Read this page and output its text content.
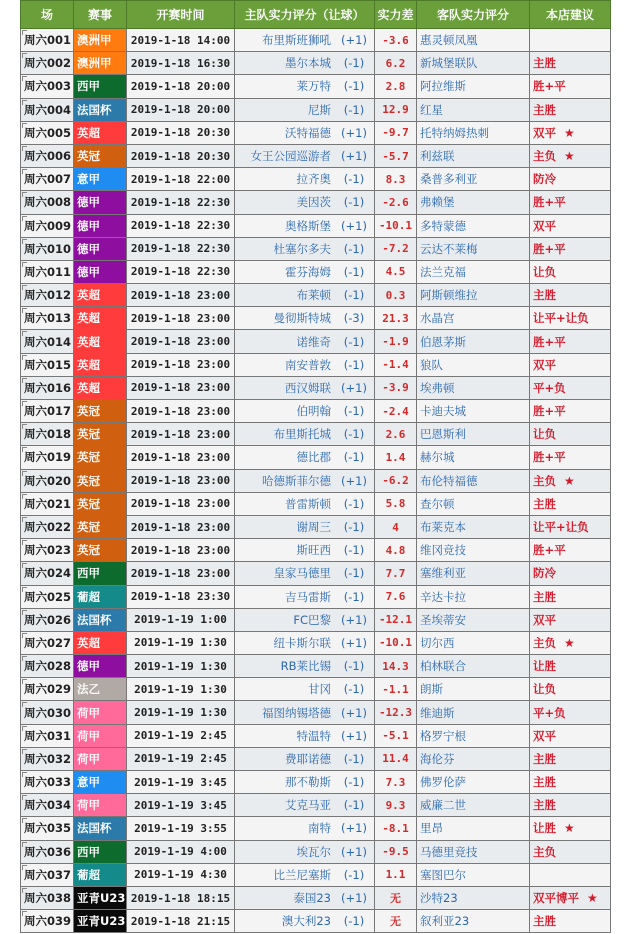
场	赛事	开赛时间	主队实力评分（让球）	实力差	客队实力评分	本店建议
周六001	澳洲甲	2019-1-18 14:00	布里斯班狮吼 (+1)	-3.6	惠灵顿凤凰	
周六002	澳洲甲	2019-1-18 16:30	墨尔本城 (-1)	6.2	新城堡联队	主胜
周六003	西甲	2019-1-18 20:00	莱万特 (-1)	2.8	阿拉维斯	胜+平
周六004	法国杯	2019-1-18 20:00	尼斯 (-1)	12.9	红星	主胜
周六005	英超	2019-1-18 20:30	沃特福德 (+1)	-9.7	托特纳姆热刺	双平 ★
周六006	英冠	2019-1-18 20:30	女王公园巡游者 (+1)	-5.7	利兹联	主负 ★
周六007	意甲	2019-1-18 22:00	拉齐奥 (-1)	8.3	桑普多利亚	防冷
周六008	德甲	2019-1-18 22:30	美因茨 (-1)	-2.6	弗赖堡	胜+平
周六009	德甲	2019-1-18 22:30	奥格斯堡 (+1)	-10.1	多特蒙德	双平
周六010	德甲	2019-1-18 22:30	杜塞尔多夫 (-1)	-7.2	云达不莱梅	胜+平
周六011	德甲	2019-1-18 22:30	霍芬海姆 (-1)	4.5	法兰克福	让负
周六012	英超	2019-1-18 23:00	布莱顿 (-1)	0.3	阿斯顿维拉	主胜
周六013	英超	2019-1-18 23:00	曼彻斯特城 (-3)	21.3	水晶宫	让平+让负
周六014	英超	2019-1-18 23:00	诺维奇 (-1)	-1.9	伯恩茅斯	胜+平
周六015	英超	2019-1-18 23:00	南安普敦 (-1)	-1.4	狼队	双平
周六016	英超	2019-1-18 23:00	西汉姆联 (+1)	-3.9	埃弗顿	平+负
周六017	英冠	2019-1-18 23:00	伯明翰 (-1)	-2.4	卡迪夫城	胜+平
周六018	英冠	2019-1-18 23:00	布里斯托城 (-1)	2.6	巴恩斯利	让负
周六019	英冠	2019-1-18 23:00	德比郡 (-1)	1.4	赫尔城	胜+平
周六020	英冠	2019-1-18 23:00	哈德斯菲尔德 (+1)	-6.2	布伦特福德	主负 ★
周六021	英冠	2019-1-18 23:00	普雷斯顿 (-1)	5.8	查尔顿	主胜
周六022	英冠	2019-1-18 23:00	谢周三 (-1)	4	布莱克本	让平+让负
周六023	英冠	2019-1-18 23:00	斯旺西 (-1)	4.8	维冈竞技	胜+平
周六024	西甲	2019-1-18 23:00	皇家马德里 (-1)	7.7	塞维利亚	防冷
周六025	葡超	2019-1-18 23:30	吉马雷斯 (-1)	7.6	辛达卡拉	主胜
周六026	法国杯	2019-1-19 1:00	FC巴黎 (+1)	-12.1	圣埃蒂安	双平
周六027	英超	2019-1-19 1:30	纽卡斯尔联 (+1)	-10.1	切尔西	主负 ★
周六028	德甲	2019-1-19 1:30	RB莱比锡 (-1)	14.3	柏林联合	让胜
周六029	法乙	2019-1-19 1:30	甘冈 (-1)	-1.1	朗斯	让负
周六030	荷甲	2019-1-19 1:30	福图纳锡塔德 (+1)	-12.3	维迪斯	平+负
周六031	荷甲	2019-1-19 2:45	特温特 (+1)	-5.1	格罗宁根	双平
周六032	荷甲	2019-1-19 2:45	费耶诺德 (-1)	11.4	海伦芬	主胜
周六033	意甲	2019-1-19 3:45	那不勒斯 (-1)	7.3	佛罗伦萨	主胜
周六034	荷甲	2019-1-19 3:45	艾克马亚 (-1)	9.3	威廉二世	主胜
周六035	法国杯	2019-1-19 3:55	南特 (+1)	-8.1	里昂	让胜 ★
周六036	西甲	2019-1-19 4:00	埃瓦尔 (+1)	-9.5	马德里竞技	主负
周六037	葡超	2019-1-19 4:30	比兰尼塞斯 (-1)	1.1	塞图巴尔	
周六038	亚青U23	2019-1-18 18:15	泰国23 (+1)	无	沙特23	双平博平 ★
周六039	亚青U23	2019-1-18 21:15	澳大利23 (-1)	无	叙利亚23	主胜
